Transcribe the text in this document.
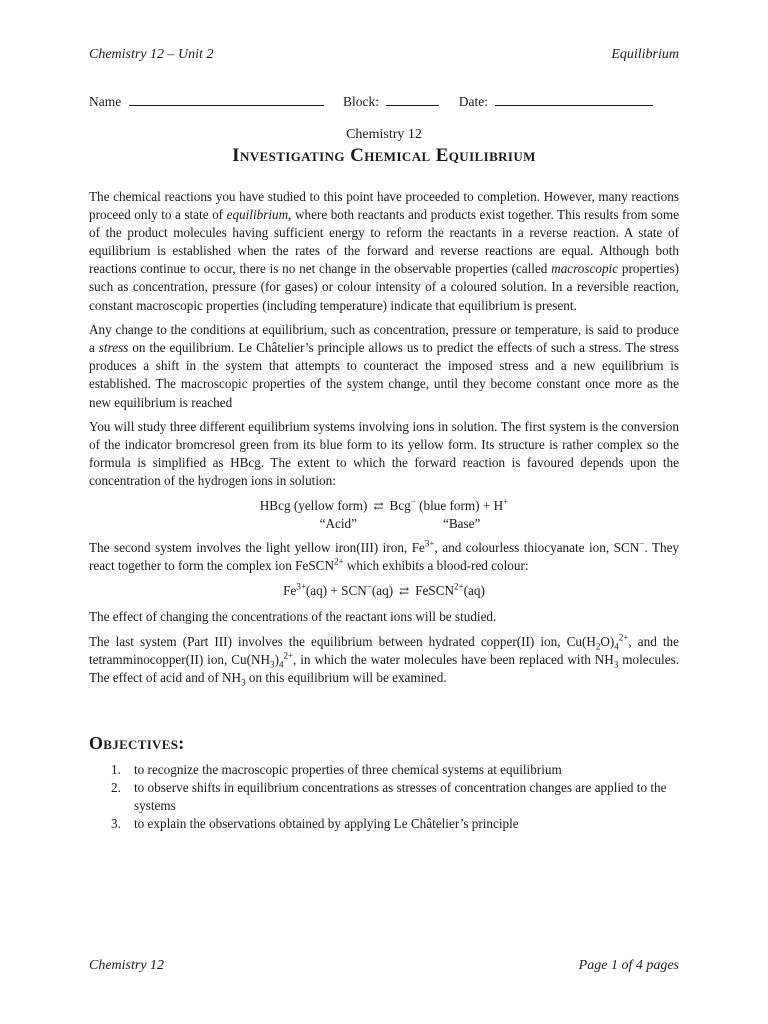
Chemistry 12 – Unit 2	Equilibrium
Name	Block:	Date:
Chemistry 12
Investigating Chemical Equilibrium

The chemical reactions you have studied to this point have proceeded to completion. However, many reactions proceed only to a state of equilibrium, where both reactants and products exist together. This results from some of the product molecules having sufficient energy to reform the reactants in a reverse reaction. A state of equilibrium is established when the rates of the forward and reverse reactions are equal. Although both reactions continue to occur, there is no net change in the observable properties (called macroscopic properties) such as concentration, pressure (for gases) or colour intensity of a coloured solution. In a reversible reaction, constant macroscopic properties (including temperature) indicate that equilibrium is present.

Any change to the conditions at equilibrium, such as concentration, pressure or temperature, is said to produce a stress on the equilibrium. Le Châtelier’s principle allows us to predict the effects of such a stress. The stress produces a shift in the system that attempts to counteract the imposed stress and a new equilibrium is established. The macroscopic properties of the system change, until they become constant once more as the new equilibrium is reached

You will study three different equilibrium systems involving ions in solution. The first system is the conversion of the indicator bromcresol green from its blue form to its yellow form. Its structure is rather complex so the formula is simplified as HBcg. The extent to which the forward reaction is favoured depends upon the concentration of the hydrogen ions in solution:

HBcg (yellow form) ⇄ Bcg− (blue form) + H+
“Acid”	“Base”

The second system involves the light yellow iron(III) iron, $Fe^{3+}$, and colourless thiocyanate ion, SCN−. They react together to form the complex ion FeSCN$^{2+}$ which exhibits a blood-red colour:

$Fe^{3+}(aq) + SCN^-(aq)$ ⇄ FeSCN$^{2+}$(aq)

The effect of changing the concentrations of the reactant ions will be studied.

The last system (Part III) involves the equilibrium between hydrated copper(II) ion, $Cu(H_2O)_4^{2+}$, and the tetramminocopper(II) ion, $Cu(NH_3)_4^{2+}$, in which the water molecules have been replaced with $NH_3$ molecules. The effect of acid and of $NH_3$ on this equilibrium will be examined.

Objectives:
1. to recognize the macroscopic properties of three chemical systems at equilibrium
2. to observe shifts in equilibrium concentrations as stresses of concentration changes are applied to the systems
3. to explain the observations obtained by applying Le Châtelier’s principle
Chemistry 12	Page 1 of 4 pages
